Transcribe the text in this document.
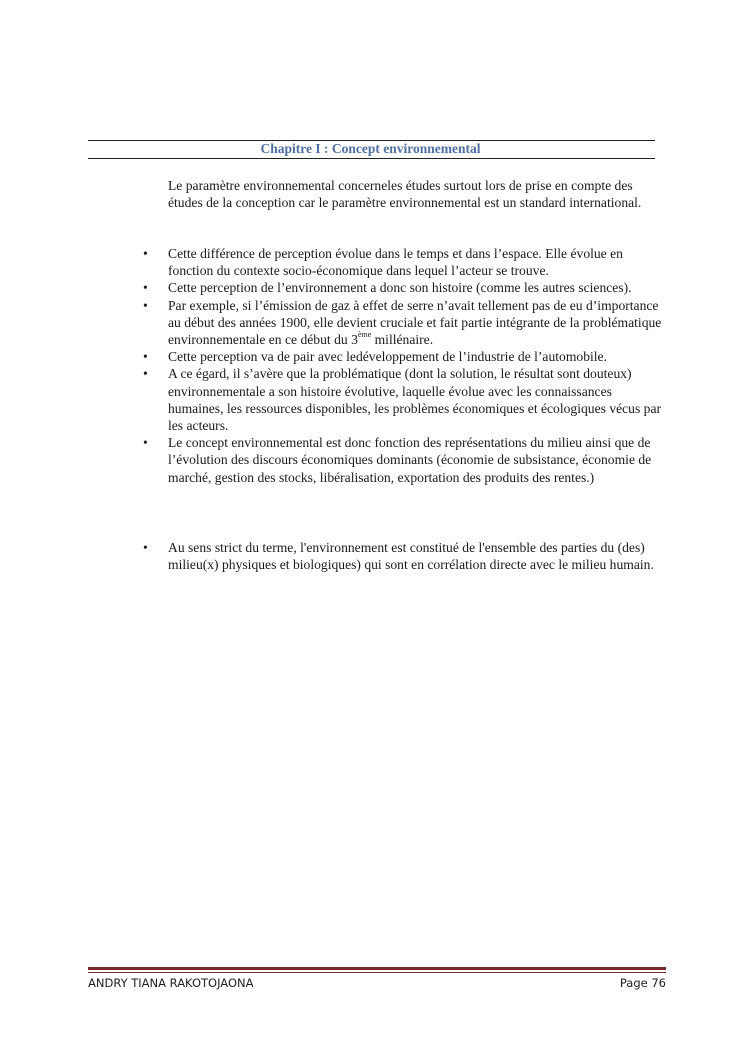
Chapitre I : Concept environnemental
Le paramètre environnemental concerneles études surtout lors de prise en compte des études de la conception car le paramètre environnemental est un standard international.
• Cette différence de perception évolue dans le temps et dans l’espace. Elle évolue en fonction du contexte socio-économique dans lequel l’acteur se trouve.
• Cette perception de l’environnement a donc son histoire (comme les autres sciences).
• Par exemple, si l’émission de gaz à effet de serre n’avait tellement pas de eu d’importance au début des années 1900, elle devient cruciale et fait partie intégrante de la problématique environnementale en ce début du 3ème millénaire.
• Cette perception va de pair avec ledéveloppement de l’industrie de l’automobile.
• A ce égard, il s’avère que la problématique (dont la solution, le résultat sont douteux) environnementale a son histoire évolutive, laquelle évolue avec les connaissances humaines, les ressources disponibles, les problèmes économiques et écologiques vécus par les acteurs.
• Le concept environnemental est donc fonction des représentations du milieu ainsi que de l’évolution des discours économiques dominants (économie de subsistance, économie de marché, gestion des stocks, libéralisation, exportation des produits des rentes.)
• Au sens strict du terme, l'environnement est constitué de l'ensemble des parties du (des) milieu(x) physiques et biologiques) qui sont en corrélation directe avec le milieu humain.
ANDRY TIANA RAKOTOJAONA	Page 76
